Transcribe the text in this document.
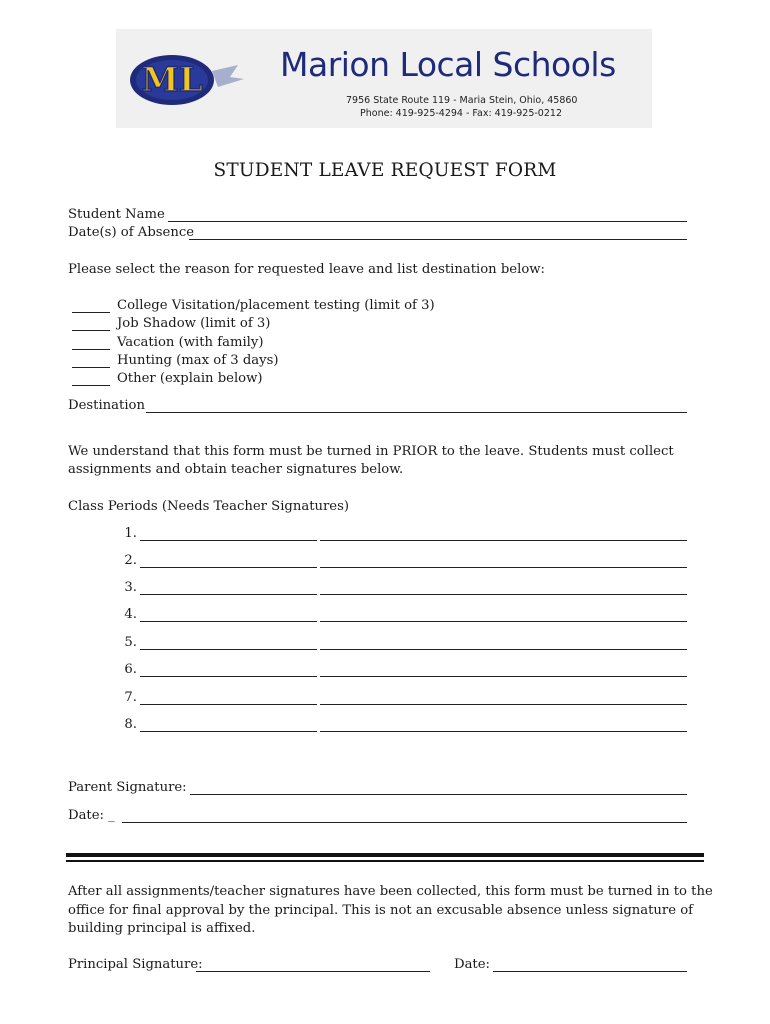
ML Marion Local Schools
7956 State Route 119 - Maria Stein, Ohio, 45860
Phone: 419-925-4294 - Fax: 419-925-0212
STUDENT LEAVE REQUEST FORM
Student Name
Date(s) of Absence
Please select the reason for requested leave and list destination below:
College Visitation/placement testing (limit of 3)
Job Shadow (limit of 3)
Vacation (with family)
Hunting (max of 3 days)
Other (explain below)
Destination
We understand that this form must be turned in PRIOR to the leave. Students must collect
assignments and obtain teacher signatures below.
Class Periods (Needs Teacher Signatures)
1.
2.
3.
4.
5.
6.
7.
8.
Parent Signature:
Date: _
After all assignments/teacher signatures have been collected, this form must be turned in to the
office for final approval by the principal. This is not an excusable absence unless signature of
building principal is affixed.
Principal Signature:	Date:
